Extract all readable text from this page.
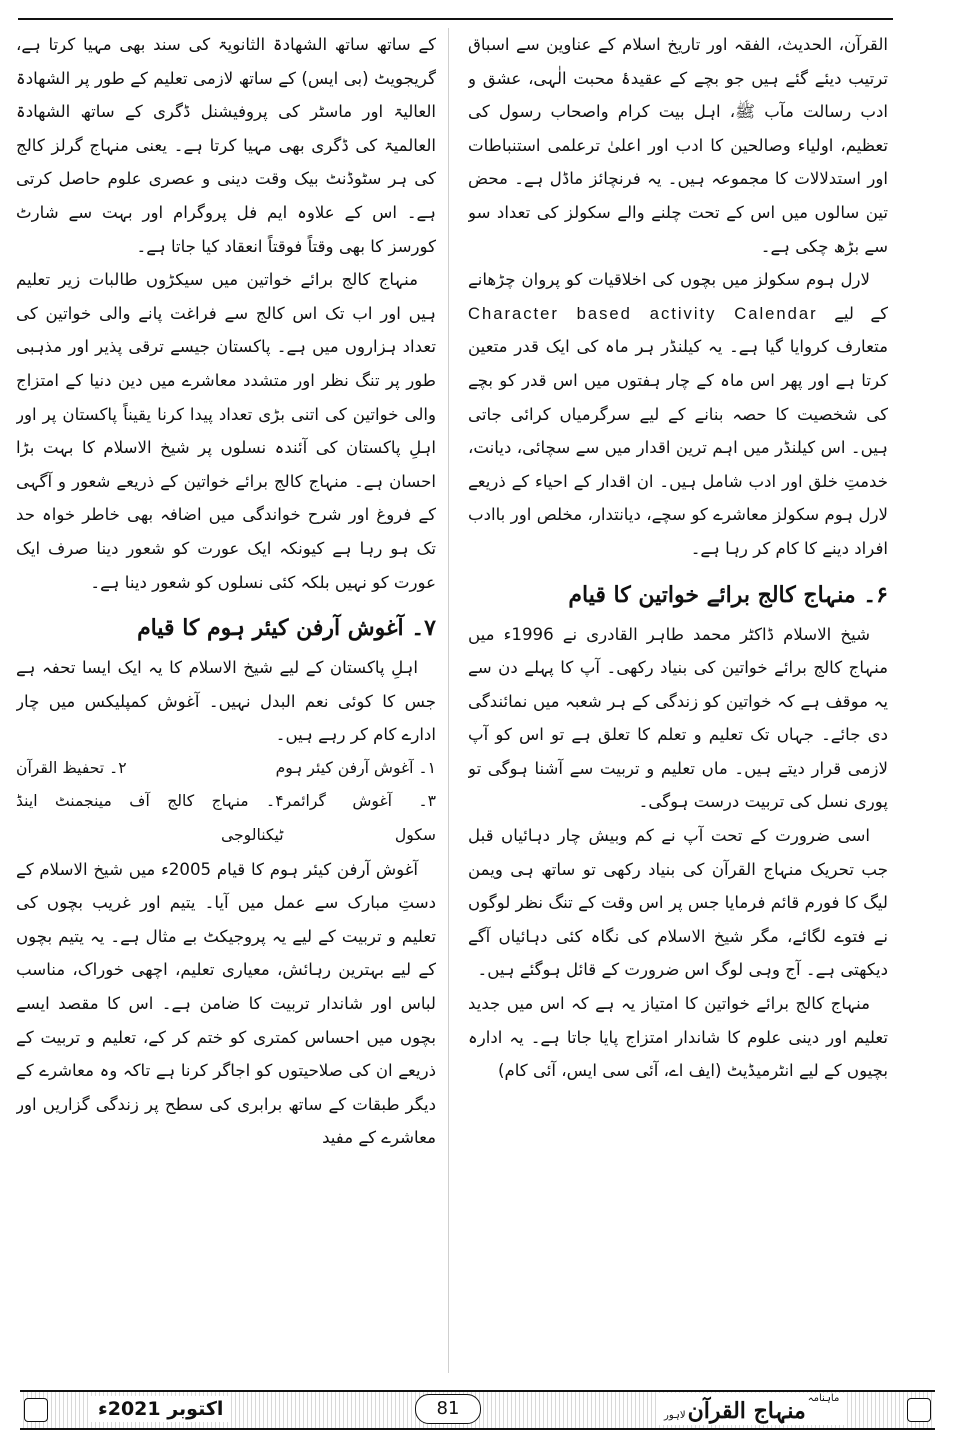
القرآن، الحدیث، الفقہ اور تاریخ اسلام کے عناوین سے اسباق ترتیب دیئے گئے ہیں جو بچے کے عقیدۂ محبت الٰہی، عشق و ادب رسالت مآب ﷺ، اہل بیت کرام واصحاب رسول کی تعظیم، اولیاء وصالحین کا ادب اور اعلیٰ ترعلمی استنباطات اور استدلالات کا مجموعہ ہیں۔ یہ فرنچائز ماڈل ہے۔ محض تین سالوں میں اس کے تحت چلنے والے سکولز کی تعداد سو سے بڑھ چکی ہے۔

لارل ہوم سکولز میں بچوں کی اخلاقیات کو پروان چڑھانے کے لیے Character based activity Calendar متعارف کروایا گیا ہے۔ یہ کیلنڈر ہر ماہ کی ایک قدر متعین کرتا ہے اور پھر اس ماہ کے چار ہفتوں میں اس قدر کو بچے کی شخصیت کا حصہ بنانے کے لیے سرگرمیاں کرائی جاتی ہیں۔ اس کیلنڈر میں اہم ترین اقدار میں سے سچائی، دیانت، خدمتِ خلق اور ادب شامل ہیں۔ ان اقدار کے احیاء کے ذریعے لارل ہوم سکولز معاشرے کو سچے، دیانتدار، مخلص اور باادب افراد دینے کا کام کر رہا ہے۔

۶۔ منہاج کالج برائے خواتین کا قیام

شیخ الاسلام ڈاکٹر محمد طاہر القادری نے 1996ء میں منہاج کالج برائے خواتین کی بنیاد رکھی۔ آپ کا پہلے دن سے یہ موقف ہے کہ خواتین کو زندگی کے ہر شعبہ میں نمائندگی دی جائے۔ جہاں تک تعلیم و تعلم کا تعلق ہے تو اس کو آپ لازمی قرار دیتے ہیں۔ ماں تعلیم و تربیت سے آشنا ہوگی تو پوری نسل کی تربیت درست ہوگی۔

اسی ضرورت کے تحت آپ نے کم وبیش چار دہائیاں قبل جب تحریک منہاج القرآن کی بنیاد رکھی تو ساتھ ہی ویمن لیگ کا فورم قائم فرمایا جس پر اس وقت کے تنگ نظر لوگوں نے فتوے لگائے، مگر شیخ الاسلام کی نگاہ کئی دہائیاں آگے دیکھتی ہے۔ آج وہی لوگ اس ضرورت کے قائل ہوگئے ہیں۔

منہاج کالج برائے خواتین کا امتیاز یہ ہے کہ اس میں جدید تعلیم اور دینی علوم کا شاندار امتزاج پایا جاتا ہے۔ یہ ادارہ بچیوں کے لیے انٹرمیڈیٹ (ایف اے، آئی سی ایس، آئی کام)

کے ساتھ ساتھ الشھادۃ الثانویۃ کی سند بھی مہیا کرتا ہے، گریجویٹ (بی ایس) کے ساتھ لازمی تعلیم کے طور پر الشھادۃ العالیۃ اور ماسٹر کی پروفیشنل ڈگری کے ساتھ الشھادۃ العالمیۃ کی ڈگری بھی مہیا کرتا ہے۔ یعنی منہاج گرلز کالج کی ہر سٹوڈنٹ بیک وقت دینی و عصری علوم حاصل کرتی ہے۔ اس کے علاوہ ایم فل پروگرام اور بہت سے شارٹ کورسز کا بھی وقتاً فوقتاً انعقاد کیا جاتا ہے۔

منہاج کالج برائے خواتین میں سیکڑوں طالبات زیر تعلیم ہیں اور اب تک اس کالج سے فراغت پانے والی خواتین کی تعداد ہزاروں میں ہے۔ پاکستان جیسے ترقی پذیر اور مذہبی طور پر تنگ نظر اور متشدد معاشرے میں دین دنیا کے امتزاج والی خواتین کی اتنی بڑی تعداد پیدا کرنا یقیناً پاکستان پر اور اہلِ پاکستان کی آئندہ نسلوں پر شیخ الاسلام کا بہت بڑا احسان ہے۔ منہاج کالج برائے خواتین کے ذریعے شعور و آگہی کے فروغ اور شرح خواندگی میں اضافہ بھی خاطر خواہ حد تک ہو رہا ہے کیونکہ ایک عورت کو شعور دینا صرف ایک عورت کو نہیں بلکہ کئی نسلوں کو شعور دینا ہے۔

۷۔ آغوش آرفن کیئر ہوم کا قیام

اہلِ پاکستان کے لیے شیخ الاسلام کا یہ ایک ایسا تحفہ ہے جس کا کوئی نعم البدل نہیں۔ آغوش کمپلیکس میں چار ادارے کام کر رہے ہیں۔

۱۔ آغوش آرفن کیئر ہوم
۲۔ تحفیظ القرآن
۳۔ آغوش گرائمر سکول
۴۔ منہاج کالج آف مینجمنٹ اینڈ ٹیکنالوجی

آغوش آرفن کیئر ہوم کا قیام 2005ء میں شیخ الاسلام کے دستِ مبارک سے عمل میں آیا۔ یتیم اور غریب بچوں کی تعلیم و تربیت کے لیے یہ پروجیکٹ بے مثال ہے۔ یہ یتیم بچوں کے لیے بہترین رہائش، معیاری تعلیم، اچھی خوراک، مناسب لباس اور شاندار تربیت کا ضامن ہے۔ اس کا مقصد ایسے بچوں میں احساس کمتری کو ختم کر کے، تعلیم و تربیت کے ذریعے ان کی صلاحیتوں کو اجاگر کرنا ہے تاکہ وہ معاشرے کے دیگر طبقات کے ساتھ برابری کی سطح پر زندگی گزاریں اور معاشرے کے مفید

اکتوبر 2021ء	81	ماہنامہ
منہاج القرآن
لاہور
